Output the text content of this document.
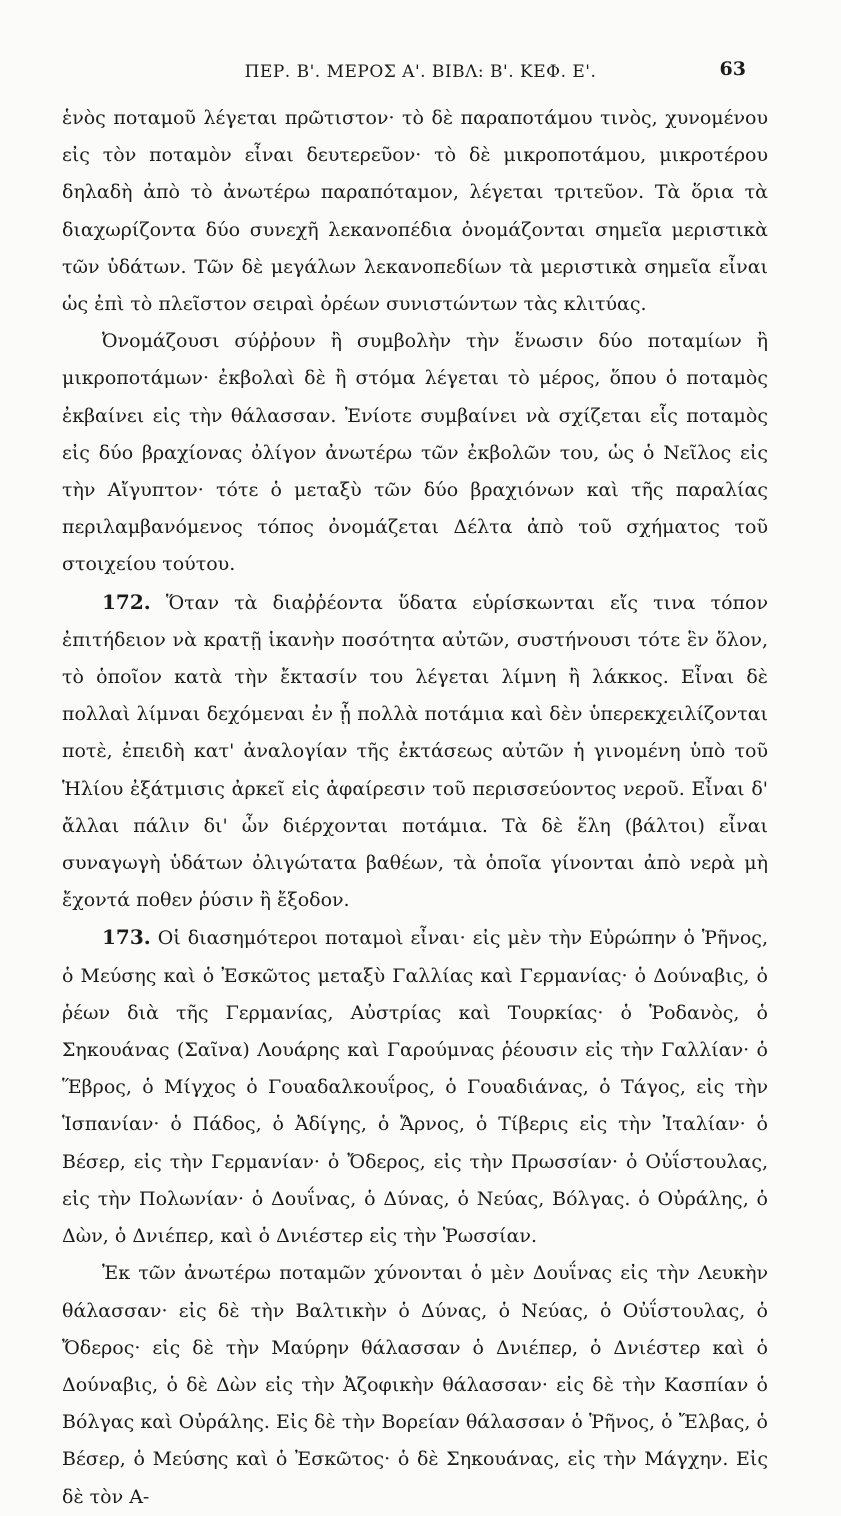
ΠΕΡ. Β'. ΜΕΡΟΣ Α'. ΒΙΒΛ: Β'. ΚΕΦ. Ε'.	63

ἑνὸς ποταμοῦ λέγεται πρῶτιστον· τὸ δὲ παραποτάμου τινὸς, χυνομένου εἰς τὸν ποταμὸν εἶναι δευτερεῦον· τὸ δὲ μικροποτάμου, μικροτέρου δηλαδὴ ἀπὸ τὸ ἀνωτέρω παραπόταμον, λέγεται τριτεῦον. Τὰ ὅρια τὰ διαχωρίζοντα δύο συνεχῆ λεκανοπέδια ὀνομάζονται σημεῖα μεριστικὰ τῶν ὑδάτων. Τῶν δὲ μεγάλων λεκανοπεδίων τὰ μεριστικὰ σημεῖα εἶναι ὡς ἐπὶ τὸ πλεῖστον σειραὶ ὀρέων συνιστώντων τὰς κλιτύας.

Ὀνομάζουσι σύῤῥουν ἢ συμβολὴν τὴν ἕνωσιν δύο ποταμίων ἢ μικροποτάμων· ἐκβολαὶ δὲ ἢ στόμα λέγεται τὸ μέρος, ὅπου ὁ ποταμὸς ἐκβαίνει εἰς τὴν θάλασσαν. Ἐνίοτε συμβαίνει νὰ σχίζεται εἷς ποταμὸς εἰς δύο βραχίονας ὀλίγον ἀνωτέρω τῶν ἐκβολῶν του, ὡς ὁ Νεῖλος εἰς τὴν Αἴγυπτον· τότε ὁ μεταξὺ τῶν δύο βραχιόνων καὶ τῆς παραλίας περιλαμβανόμενος τόπος ὀνομάζεται Δέλτα ἀπὸ τοῦ σχήματος τοῦ στοιχείου τούτου.

172. Ὅταν τὰ διαῤῥέοντα ὕδατα εὑρίσκωνται εἴς τινα τόπον ἐπιτήδειον νὰ κρατῇ ἱκανὴν ποσότητα αὐτῶν, συστήνουσι τότε ἓν ὅλον, τὸ ὁποῖον κατὰ τὴν ἔκτασίν του λέγεται λίμνη ἢ λάκκος. Εἶναι δὲ πολλαὶ λίμναι δεχόμεναι ἐν ᾗ πολλὰ ποτάμια καὶ δὲν ὑπερεκχειλίζονται ποτὲ, ἐπειδὴ κατ' ἀναλογίαν τῆς ἐκτάσεως αὐτῶν ἡ γινομένη ὑπὸ τοῦ Ἡλίου ἐξάτμισις ἀρκεῖ εἰς ἀφαίρεσιν τοῦ περισσεύοντος νεροῦ. Εἶναι δ' ἄλλαι πάλιν δι' ὧν διέρχονται ποτάμια. Τὰ δὲ ἕλη (βάλτοι) εἶναι συναγωγὴ ὑδάτων ὀλιγώτατα βαθέων, τὰ ὁποῖα γίνονται ἀπὸ νερὰ μὴ ἔχοντά ποθεν ῥύσιν ἢ ἔξοδον.

173. Οἱ διασημότεροι ποταμοὶ εἶναι· εἰς μὲν τὴν Εὐρώπην ὁ Ῥῆνος, ὁ Μεύσης καὶ ὁ Ἐσκῶτος μεταξὺ Γαλλίας καὶ Γερμανίας· ὁ Δούναβις, ὁ ῥέων διὰ τῆς Γερμανίας, Αὐστρίας καὶ Τουρκίας· ὁ Ῥοδανὸς, ὁ Σηκουάνας (Σαῖνα) Λουάρης καὶ Γαρούμνας ῥέουσιν εἰς τὴν Γαλλίαν· ὁ Ἕβρος, ὁ Μίγχος ὁ Γουαδαλκουΐρος, ὁ Γουαδιάνας, ὁ Τάγος, εἰς τὴν Ἱσπανίαν· ὁ Πάδος, ὁ Ἀδίγης, ὁ Ἄρνος, ὁ Τίβερις εἰς τὴν Ἰταλίαν· ὁ Βέσερ, εἰς τὴν Γερμανίαν· ὁ Ὄδερος, εἰς τὴν Πρωσσίαν· ὁ Οὐΐστουλας, εἰς τὴν Πολωνίαν· ὁ Δουΐνας, ὁ Δύνας, ὁ Νεύας, Βόλγας. ὁ Οὐράλης, ὁ Δὼν, ὁ Δνιέπερ, καὶ ὁ Δνιέστερ εἰς τὴν Ῥωσσίαν.

Ἐκ τῶν ἀνωτέρω ποταμῶν χύνονται ὁ μὲν Δουΐνας εἰς τὴν Λευκὴν θάλασσαν· εἰς δὲ τὴν Βαλτικὴν ὁ Δύνας, ὁ Νεύας, ὁ Οὐΐστουλας, ὁ Ὄδερος· εἰς δὲ τὴν Μαύρην θάλασσαν ὁ Δνιέπερ, ὁ Δνιέστερ καὶ ὁ Δούναβις, ὁ δὲ Δὼν εἰς τὴν Ἀζοφικὴν θάλασσαν· εἰς δὲ τὴν Κασπίαν ὁ Βόλγας καὶ Οὐράλης. Εἰς δὲ τὴν Βορείαν θάλασσαν ὁ Ῥῆνος, ὁ Ἔλβας, ὁ Βέσερ, ὁ Μεύσης καὶ ὁ Ἐσκῶτος· ὁ δὲ Σηκουάνας, εἰς τὴν Μάγχην. Εἰς δὲ τὸν Α-
